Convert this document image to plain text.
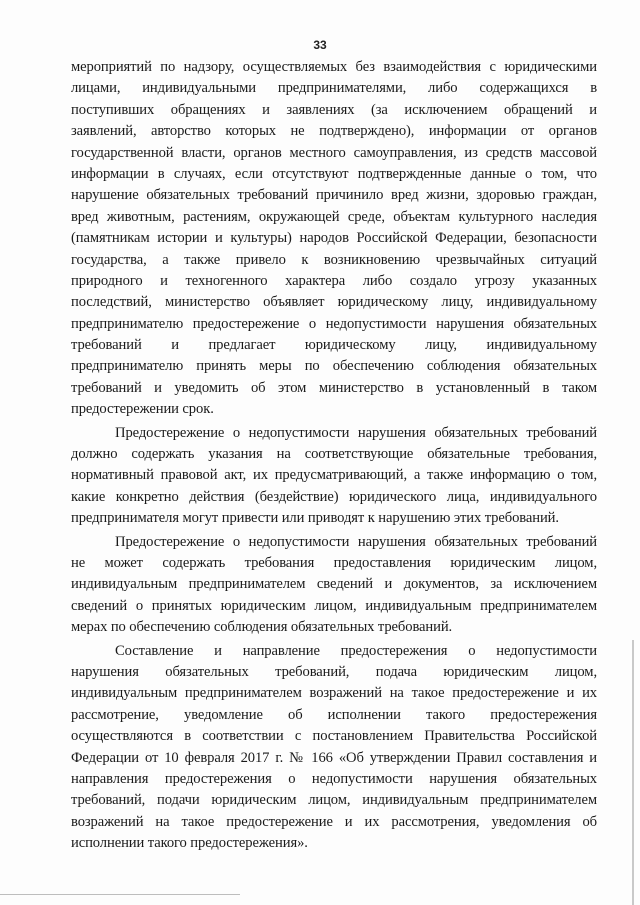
33
мероприятий по надзору, осуществляемых без взаимодействия с юридическими
лицами, индивидуальными предпринимателями, либо содержащихся в
поступивших обращениях и заявлениях (за исключением обращений и
заявлений, авторство которых не подтверждено), информации от органов
государственной власти, органов местного самоуправления, из средств массовой
информации в случаях, если отсутствуют подтвержденные данные о том, что
нарушение обязательных требований причинило вред жизни, здоровью граждан,
вред животным, растениям, окружающей среде, объектам культурного наследия
(памятникам истории и культуры) народов Российской Федерации, безопасности
государства, а также привело к возникновению чрезвычайных ситуаций
природного и техногенного характера либо создало угрозу указанных
последствий, министерство объявляет юридическому лицу, индивидуальному
предпринимателю предостережение о недопустимости нарушения обязательных
требований и предлагает юридическому лицу, индивидуальному
предпринимателю принять меры по обеспечению соблюдения обязательных
требований и уведомить об этом министерство в установленный в таком
предостережении срок.
Предостережение о недопустимости нарушения обязательных требований
должно содержать указания на соответствующие обязательные требования,
нормативный правовой акт, их предусматривающий, а также информацию о том,
какие конкретно действия (бездействие) юридического лица, индивидуального
предпринимателя могут привести или приводят к нарушению этих требований.
Предостережение о недопустимости нарушения обязательных требований
не может содержать требования предоставления юридическим лицом,
индивидуальным предпринимателем сведений и документов, за исключением
сведений о принятых юридическим лицом, индивидуальным предпринимателем
мерах по обеспечению соблюдения обязательных требований.
Составление и направление предостережения о недопустимости
нарушения обязательных требований, подача юридическим лицом,
индивидуальным предпринимателем возражений на такое предостережение и их
рассмотрение, уведомление об исполнении такого предостережения
осуществляются в соответствии с постановлением Правительства Российской
Федерации от 10 февраля 2017 г. № 166 «Об утверждении Правил составления и
направления предостережения о недопустимости нарушения обязательных
требований, подачи юридическим лицом, индивидуальным предпринимателем
возражений на такое предостережение и их рассмотрения, уведомления об
исполнении такого предостережения».
